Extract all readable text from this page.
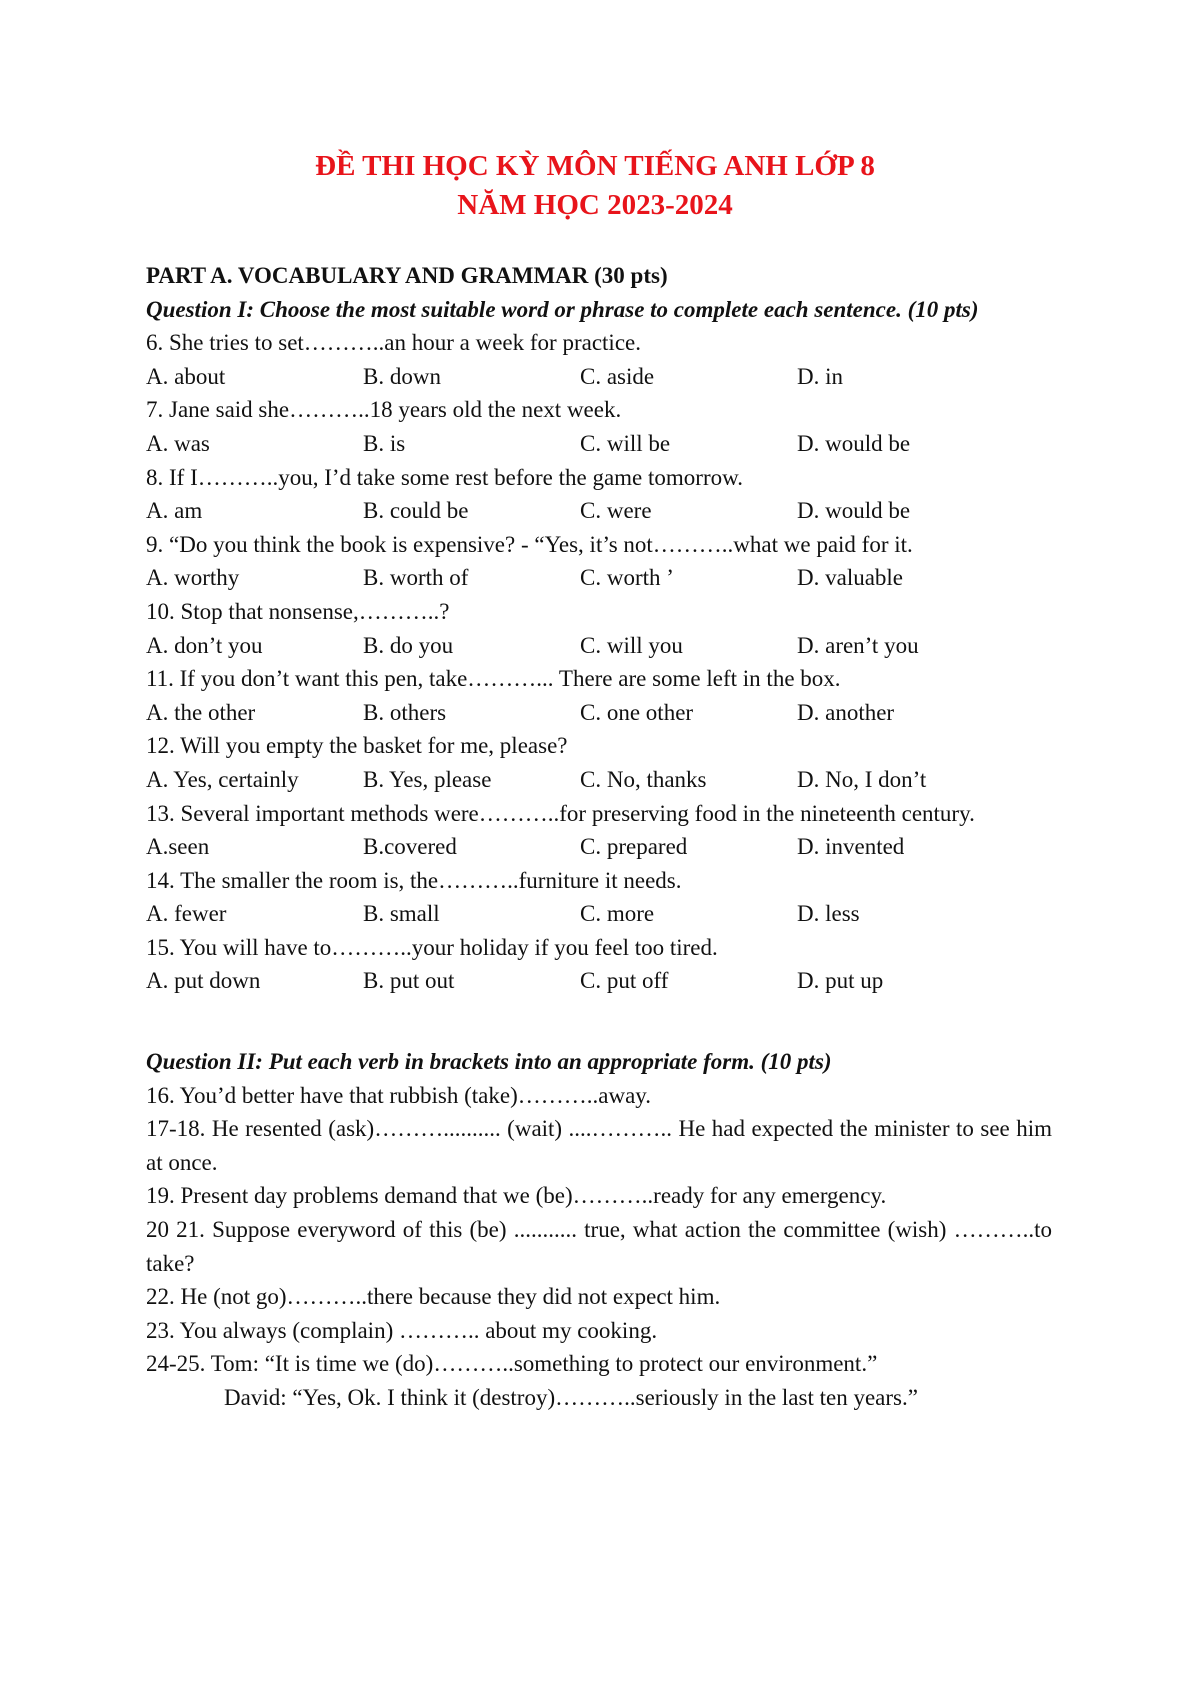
ĐỀ THI HỌC KỲ MÔN TIẾNG ANH LỚP 8
NĂM HỌC 2023-2024
PART A. VOCABULARY AND GRAMMAR (30 pts)
Question I: Choose the most suitable word or phrase to complete each sentence. (10 pts)
6. She tries to set………..an hour a week for practice.
A. about	B. down	C. aside	D. in
7. Jane said she………..18 years old the next week.
A. was	B. is	C. will be	D. would be
8. If I………..you, I’d take some rest before the game tomorrow.
A. am	B. could be	C. were	D. would be
9. “Do you think the book is expensive? - “Yes, it’s not………..what we paid for it.
A. worthy	B. worth of	C. worth ’	D. valuable
10. Stop that nonsense,………..?
A. don’t you	B. do you	C. will you	D. aren’t you
11. If you don’t want this pen, take………... There are some left in the box.
A. the other	B. others	C. one other	D. another
12. Will you empty the basket for me, please?
A. Yes, certainly	B. Yes, please	C. No, thanks	D. No, I don’t
13. Several important methods were………..for preserving food in the nineteenth century.
A.seen	B.covered	C. prepared	D. invented
14. The smaller the room is, the………..furniture it needs.
A. fewer	B. small	C. more	D. less
15. You will have to………..your holiday if you feel too tired.
A. put down	B. put out	C. put off	D. put up
Question II: Put each verb in brackets into an appropriate form. (10 pts)
16. You’d better have that rubbish (take)………..away.
17-18. He resented (ask)……….......... (wait) ....……….. He had expected the minister to see him at once.
19. Present day problems demand that we (be)………..ready for any emergency.
20 21. Suppose everyword of this (be) ........... true, what action the committee (wish) ………..to take?
22. He (not go)………..there because they did not expect him.
23. You always (complain) ……….. about my cooking.
24-25. Tom: “It is time we (do)………..something to protect our environment.”
David: “Yes, Ok. I think it (destroy)………..seriously in the last ten years.”
